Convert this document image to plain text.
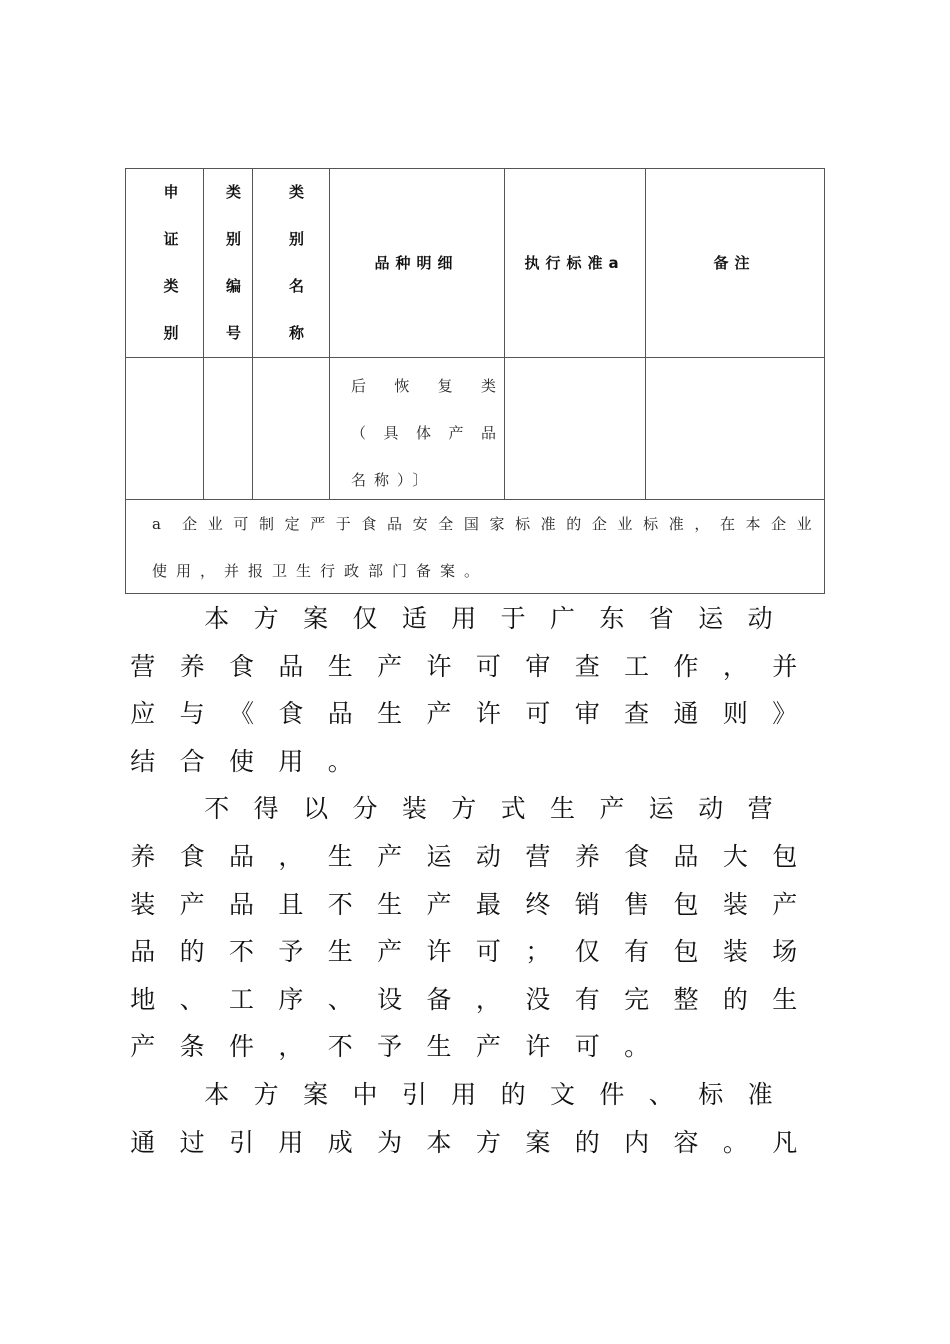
申
证
类
别
类
别
编
号
类
别
名
称
品种明细	执行标准a	备注
后 恢 复 类
（ 具 体 产 品
名称）〕
a 企 业 可 制 定 严 于 食 品 安 全 国 家 标 准 的 企 业 标 准 ， 在 本 企 业
使用，并报卫生行政部门备案。
本 方 案 仅 适 用 于 广 东 省 运 动
营 养 食 品 生 产 许 可 审 查 工 作 ， 并
应 与 《 食 品 生 产 许 可 审 查 通 则 》
结 合 使 用 。
不 得 以 分 装 方 式 生 产 运 动 营
养 食 品 ， 生 产 运 动 营 养 食 品 大 包
装 产 品 且 不 生 产 最 终 销 售 包 装 产
品 的 不 予 生 产 许 可 ； 仅 有 包 装 场
地 、 工 序 、 设 备 ， 没 有 完 整 的 生
产 条 件 ， 不 予 生 产 许 可 。
本 方 案 中 引 用 的 文 件 、 标 准
通 过 引 用 成 为 本 方 案 的 内 容 。 凡
